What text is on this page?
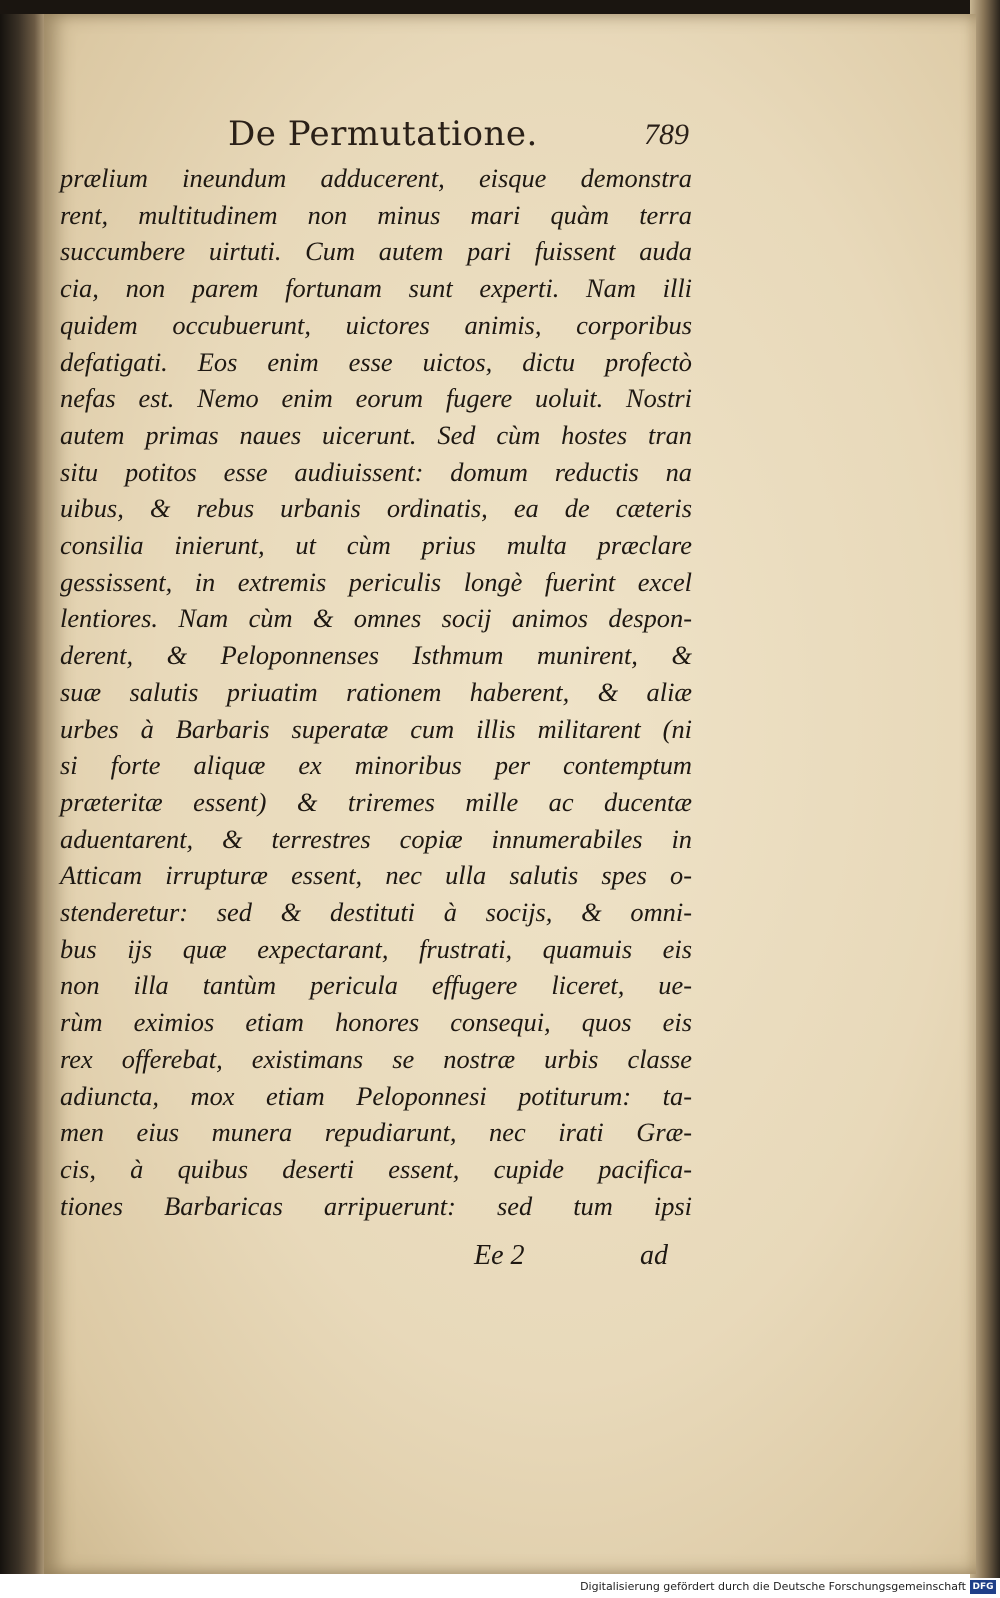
De Permutatione.	789
prælium ineundum adducerent, eisque demonstra
rent, multitudinem non minus mari quàm terra
succumbere uirtuti. Cum autem pari fuissent auda
cia, non parem fortunam sunt experti. Nam illi
quidem occubuerunt, uictores animis, corporibus
defatigati. Eos enim esse uictos, dictu profectò
nefas est. Nemo enim eorum fugere uoluit. Nostri
autem primas naues uicerunt. Sed cùm hostes tran
situ potitos esse audiuissent: domum reductis na
uibus, & rebus urbanis ordinatis, ea de cæteris
consilia inierunt, ut cùm prius multa præclare
gessissent, in extremis periculis longè fuerint excel
lentiores. Nam cùm & omnes socij animos despon-
derent, & Peloponnenses Isthmum munirent, &
suæ salutis priuatim rationem haberent, & aliæ
urbes à Barbaris superatæ cum illis militarent (ni
si forte aliquæ ex minoribus per contemptum
præteritæ essent) & triremes mille ac ducentæ
aduentarent, & terrestres copiæ innumerabiles in
Atticam irrupturæ essent, nec ulla salutis spes o-
stenderetur: sed & destituti à socijs, & omni-
bus ijs quæ expectarant, frustrati, quamuis eis
non illa tantùm pericula effugere liceret, ue-
rùm eximios etiam honores consequi, quos eis
rex offerebat, existimans se nostræ urbis classe
adiuncta, mox etiam Peloponnesi potiturum: ta-
men eius munera repudiarunt, nec irati Græ-
cis, à quibus deserti essent, cupide pacifica-
tiones Barbaricas arripuerunt: sed tum ipsi
Ee 2	ad
Digitalisierung gefördert durch die Deutsche Forschungsgemeinschaft DFG
